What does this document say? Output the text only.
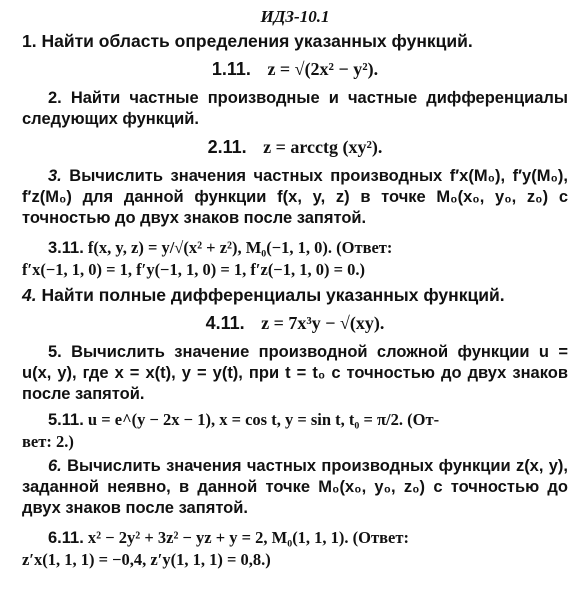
ИДЗ-10.1

1. Найти область определения указанных функций.

1.11. z = √(2x² − y²).

2. Найти частные производные и частные дифференциалы следующих функций.

2.11. z = arcctg (xy²).

3. Вычислить значения частных производных f′x(M₀), f′y(M₀), f′z(M₀) для данной функции f(x, y, z) в точке M₀(x₀, y₀, z₀) с точностью до двух знаков после запятой.

3.11. f(x, y, z) = y/√(x² + z²), M₀(−1, 1, 0). (Ответ:

f′x(−1, 1, 0) = 1, f′y(−1, 1, 0) = 1, f′z(−1, 1, 0) = 0.)

4. Найти полные дифференциалы указанных функций.

4.11. z = 7x³y − √(xy).

5. Вычислить значение производной сложной функции u = u(x, y), где x = x(t), y = y(t), при t = t₀ с точностью до двух знаков после запятой.

5.11. u = e^(y − 2x − 1), x = cos t, y = sin t, t₀ = π/2. (От-

вет: 2.)

6. Вычислить значения частных производных функции z(x, y), заданной неявно, в данной точке M₀(x₀, y₀, z₀) с точностью до двух знаков после запятой.

6.11. x² − 2y² + 3z² − yz + y = 2, M₀(1, 1, 1). (Ответ:

z′x(1, 1, 1) = −0,4, z′y(1, 1, 1) = 0,8.)
